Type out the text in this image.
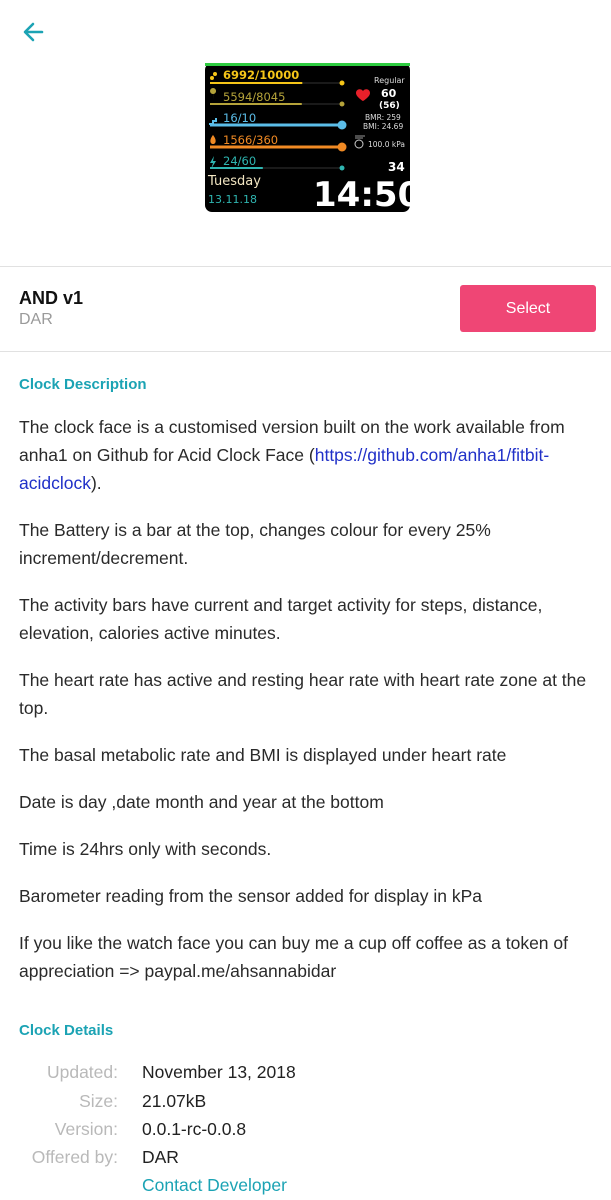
6992/10000
5594/8045
16/10
1566/360
24/60
Regular
60
(56)
BMR: 259
BMI: 24.69
100.0 kPa
34
Tuesday
13.11.18 14:50
AND v1
DAR
Select
Clock Description

The clock face is a customised version built on the work available from anha1 on Github for Acid Clock Face (https://github.com/anha1/fitbit-acidclock).

The Battery is a bar at the top, changes colour for every 25% increment/decrement.

The activity bars have current and target activity for steps, distance, elevation, calories active minutes.

The heart rate has active and resting hear rate with heart rate zone at the top.

The basal metabolic rate and BMI is displayed under heart rate

Date is day ,date month and year at the bottom

Time is 24hrs only with seconds.

Barometer reading from the sensor added for display in kPa

If you like the watch face you can buy me a cup off coffee as a token of appreciation => paypal.me/ahsannabidar

Clock Details
Updated: November 13, 2018
Size: 21.07kB
Version: 0.0.1-rc-0.0.8
Offered by: DAR
Contact Developer
